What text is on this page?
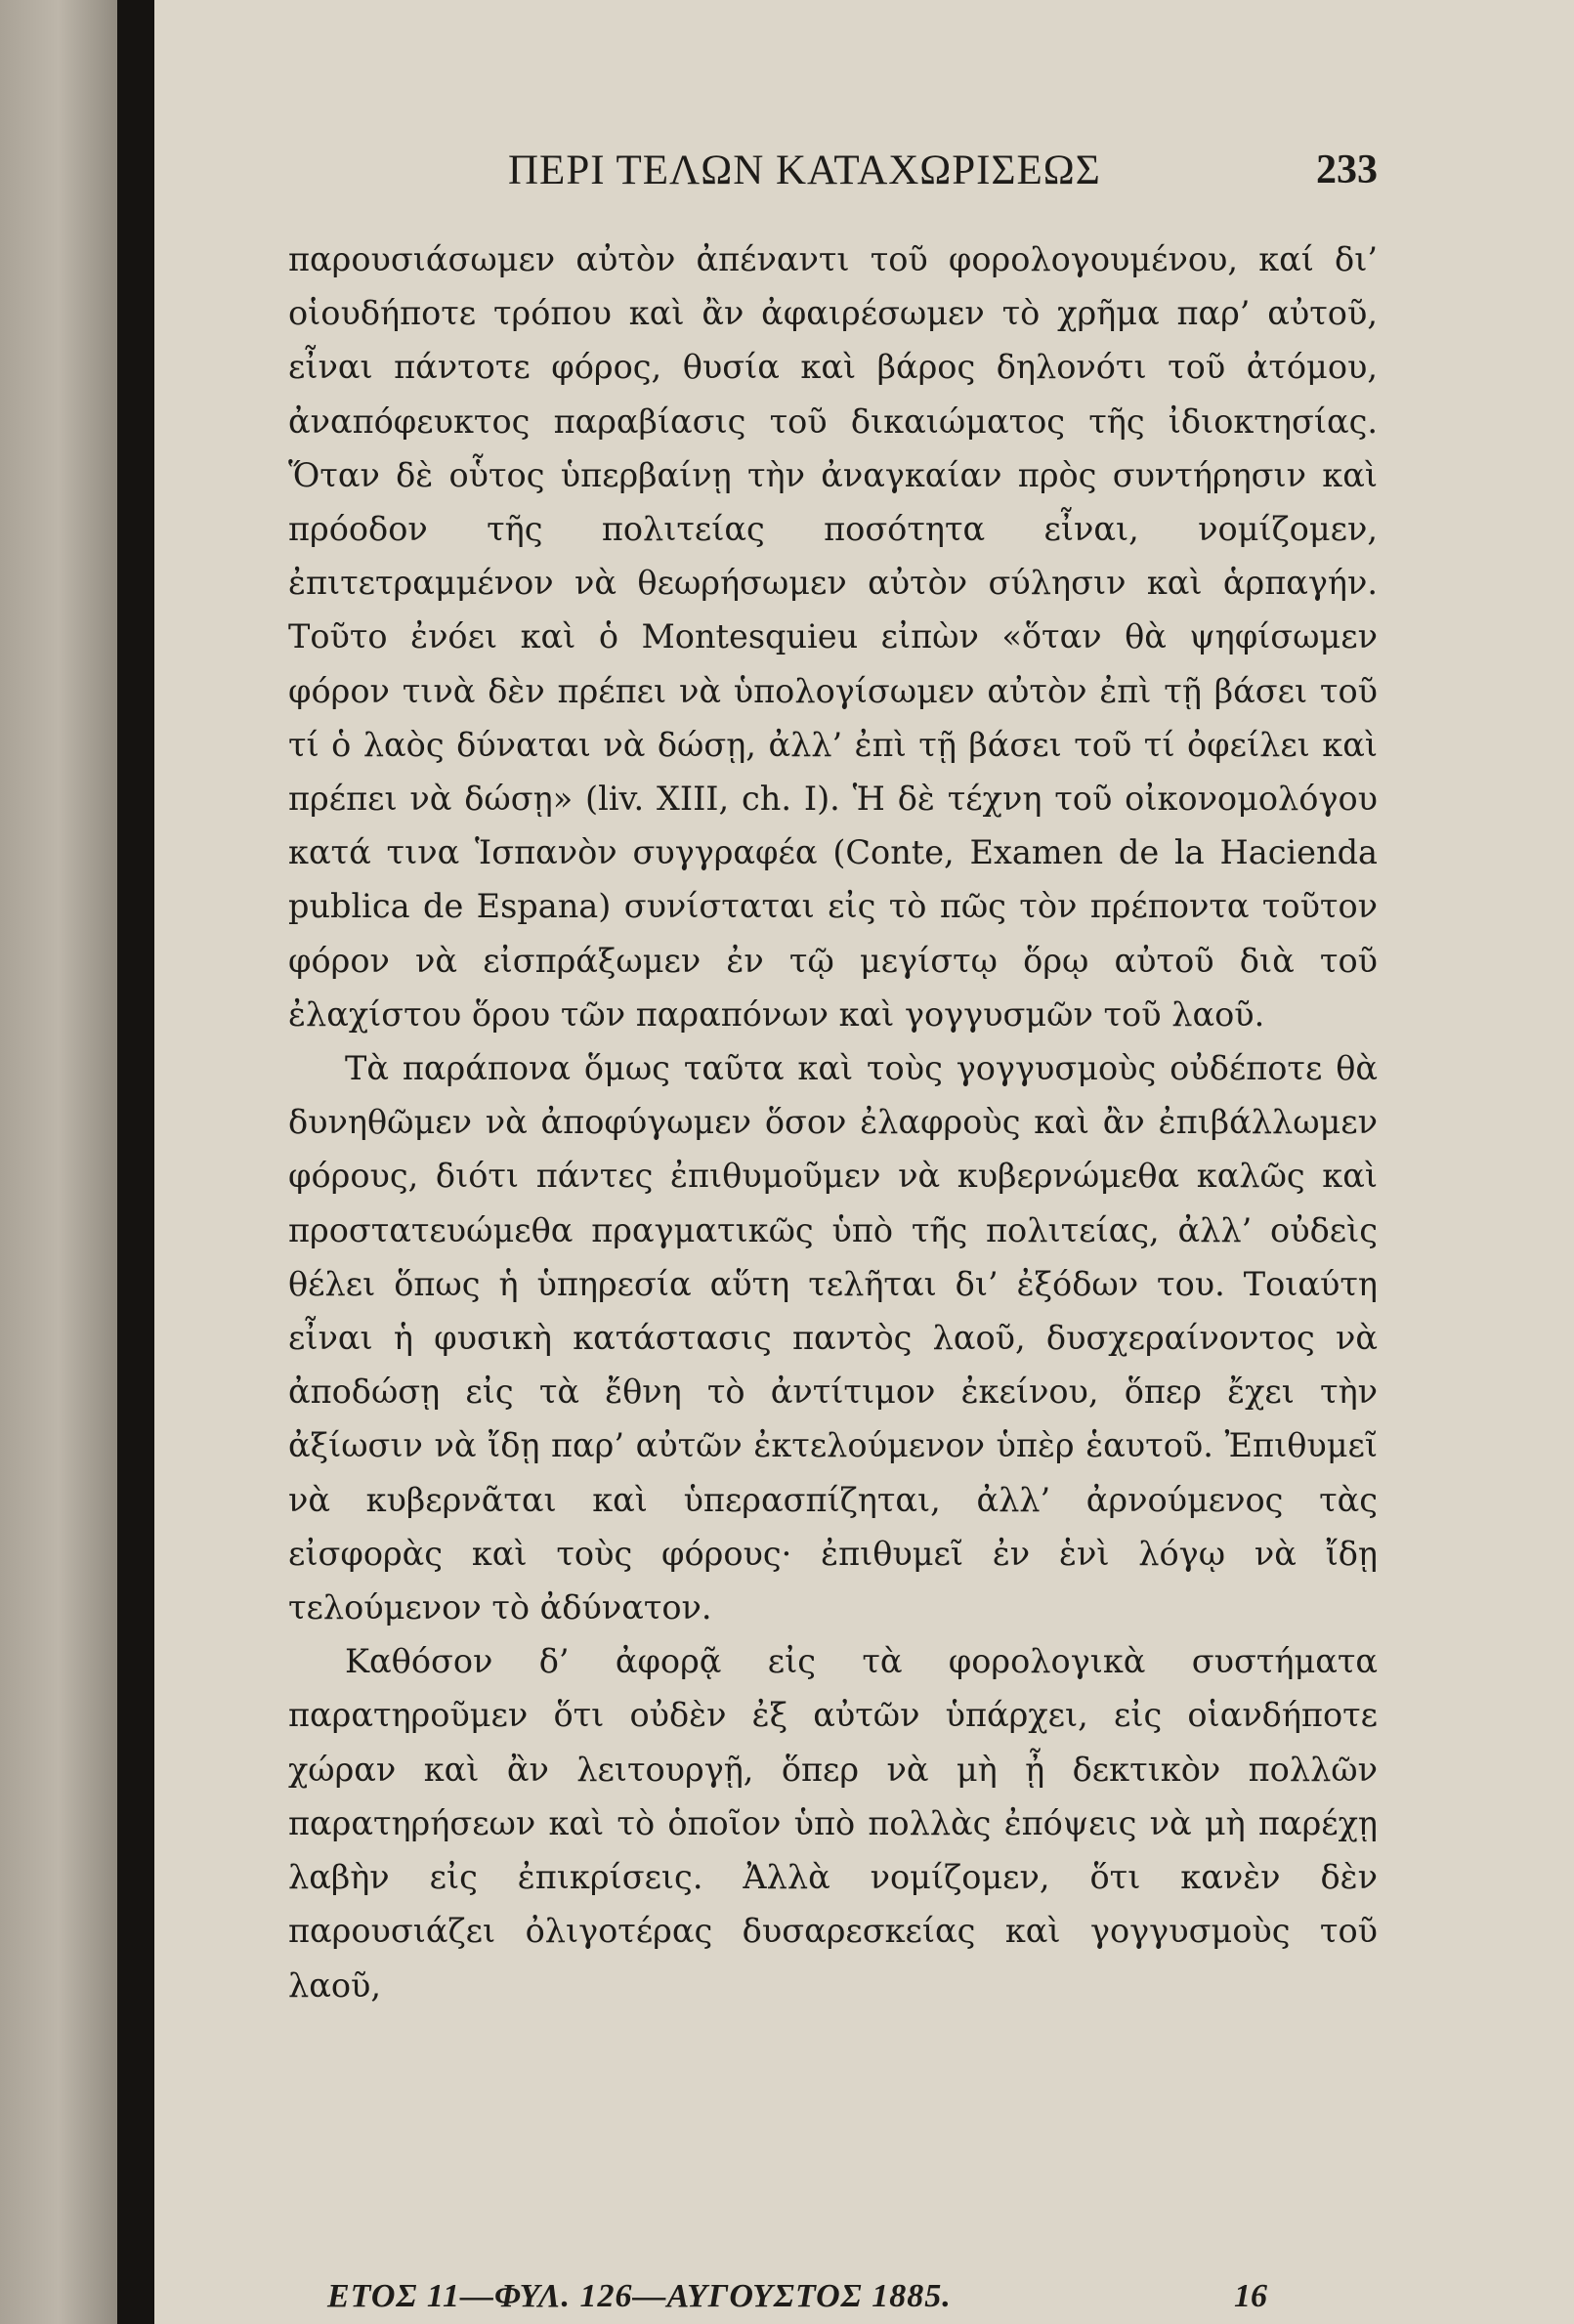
ΠΕΡΙ ΤΕΛΩΝ ΚΑΤΑΧΩΡΙΣΕΩΣ	233

παρουσιάσωμεν αὐτὸν ἀπέναντι τοῦ φορολογουμένου, καί δι’ οἱουδήποτε τρόπου καὶ ἂν ἀφαιρέσωμεν τὸ χρῆμα παρ’ αὐτοῦ, εἶναι πάντοτε φόρος, θυσία καὶ βάρος δηλονότι τοῦ ἀτόμου, ἀναπόφευκτος παραβίασις τοῦ δικαιώματος τῆς ἰδιοκτησίας. Ὅταν δὲ οὗτος ὑπερβαίνῃ τὴν ἀναγκαίαν πρὸς συντήρησιν καὶ πρόοδον τῆς πολιτείας ποσότητα εἶναι, νομίζομεν, ἐπιτετραμμένον νὰ θεωρήσωμεν αὐτὸν σύλησιν καὶ ἁρπαγήν. Τοῦτο ἐνόει καὶ ὁ Montesquieu εἰπὼν «ὅταν θὰ ψηφίσωμεν φόρον τινὰ δὲν πρέπει νὰ ὑπολογίσωμεν αὐτὸν ἐπὶ τῇ βάσει τοῦ τί ὁ λαὸς δύναται νὰ δώσῃ, ἀλλ’ ἐπὶ τῇ βάσει τοῦ τί ὀφείλει καὶ πρέπει νὰ δώσῃ» (liv. XIII, ch. I). Ἡ δὲ τέχνη τοῦ οἰκονομολόγου κατά τινα Ἱσπανὸν συγγραφέα (Conte, Examen de la Hacienda publica de Espana) συνίσταται εἰς τὸ πῶς τὸν πρέποντα τοῦτον φόρον νὰ εἰσπράξωμεν ἐν τῷ μεγίστῳ ὅρῳ αὐτοῦ διὰ τοῦ ἐλαχίστου ὅρου τῶν παραπόνων καὶ γογγυσμῶν τοῦ λαοῦ.

Τὰ παράπονα ὅμως ταῦτα καὶ τοὺς γογγυσμοὺς οὐδέποτε θὰ δυνηθῶμεν νὰ ἀποφύγωμεν ὅσον ἐλαφροὺς καὶ ἂν ἐπιβάλλωμεν φόρους, διότι πάντες ἐπιθυμοῦμεν νὰ κυβερνώμεθα καλῶς καὶ προστατευώμεθα πραγματικῶς ὑπὸ τῆς πολιτείας, ἀλλ’ οὐδεὶς θέλει ὅπως ἡ ὑπηρεσία αὕτη τελῆται δι’ ἐξόδων του. Τοιαύτη εἶναι ἡ φυσικὴ κατάστασις παντὸς λαοῦ, δυσχεραίνοντος νὰ ἀποδώσῃ εἰς τὰ ἔθνη τὸ ἀντίτιμον ἐκείνου, ὅπερ ἔχει τὴν ἀξίωσιν νὰ ἴδῃ παρ’ αὐτῶν ἐκτελούμενον ὑπὲρ ἑαυτοῦ. Ἐπιθυμεῖ νὰ κυβερνᾶται καὶ ὑπερασπίζηται, ἀλλ’ ἀρνούμενος τὰς εἰσφορὰς καὶ τοὺς φόρους· ἐπιθυμεῖ ἐν ἑνὶ λόγῳ νὰ ἴδῃ τελούμενον τὸ ἀδύνατον.

Καθόσον δ’ ἀφορᾷ εἰς τὰ φορολογικὰ συστήματα παρατηροῦμεν ὅτι οὐδὲν ἐξ αὐτῶν ὑπάρχει, εἰς οἱανδήποτε χώραν καὶ ἂν λειτουργῇ, ὅπερ νὰ μὴ ᾖ δεκτικὸν πολλῶν παρατηρήσεων καὶ τὸ ὁποῖον ὑπὸ πολλὰς ἐπόψεις νὰ μὴ παρέχῃ λαβὴν εἰς ἐπικρίσεις. Ἀλλὰ νομίζομεν, ὅτι κανὲν δὲν παρουσιάζει ὀλιγοτέρας δυσαρεσκείας καὶ γογγυσμοὺς τοῦ λαοῦ,

ΕΤΟΣ 11—ΦΥΛ. 126—ΑΥΓΟΥΣΤΟΣ 1885.	16
